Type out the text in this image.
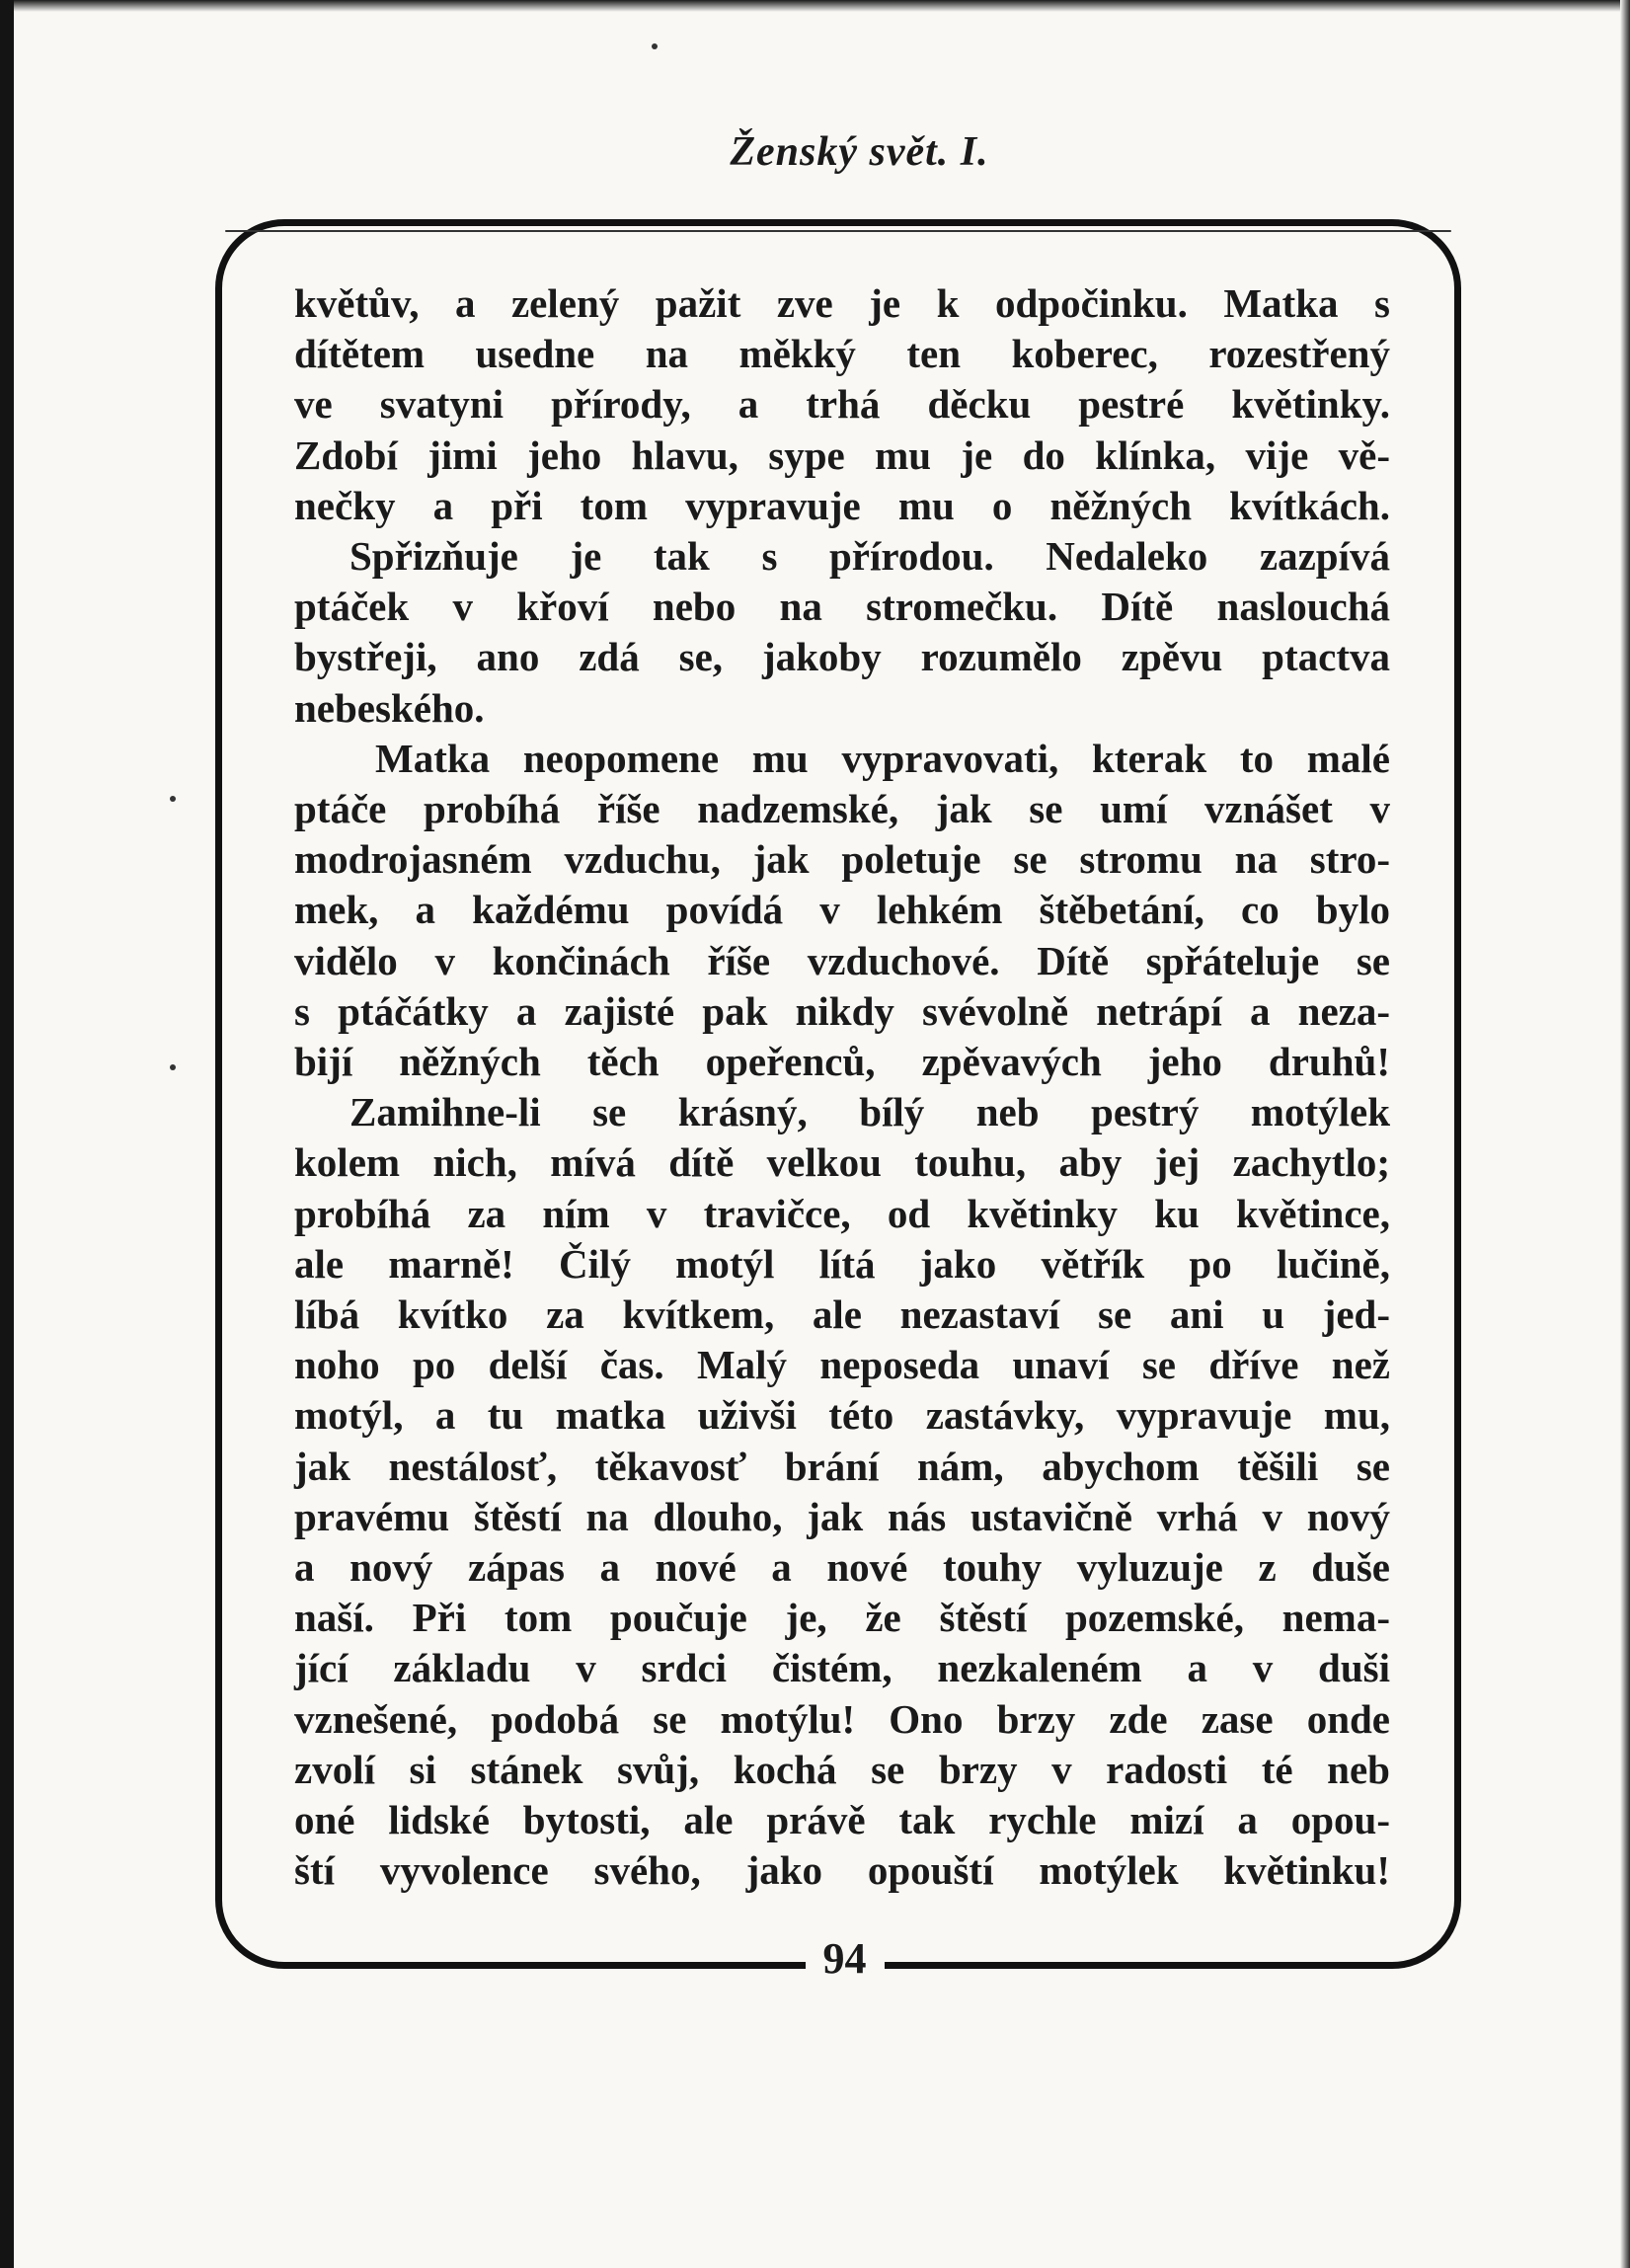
Ženský svět. I.
květův, a zelený pažit zve je k odpočinku. Matka s
dítětem usedne na měkký ten koberec, rozestřený
ve svatyni přírody, a trhá děcku pestré květinky.
Zdobí jimi jeho hlavu, sype mu je do klínka, vije vě-
nečky a při tom vypravuje mu o něžných kvítkách.
Spřizňuje je tak s přírodou. Nedaleko zazpívá
ptáček v křoví nebo na stromečku. Dítě naslouchá
bystřeji, ano zdá se, jakoby rozumělo zpěvu ptactva
nebeského.
Matka neopomene mu vypravovati, kterak to malé
ptáče probíhá říše nadzemské, jak se umí vznášet v
modrojasném vzduchu, jak poletuje se stromu na stro-
mek, a každému povídá v lehkém štěbetání, co bylo
vidělo v končinách říše vzduchové. Dítě spřáteluje se
s ptáčátky a zajisté pak nikdy svévolně netrápí a neza-
bijí něžných těch opeřenců, zpěvavých jeho druhů!
Zamihne-li se krásný, bílý neb pestrý motýlek
kolem nich, mívá dítě velkou touhu, aby jej zachytlo;
probíhá za ním v travičce, od květinky ku květince,
ale marně! Čilý motýl lítá jako větřík po lučině,
líbá kvítko za kvítkem, ale nezastaví se ani u jed-
noho po delší čas. Malý neposeda unaví se dříve než
motýl, a tu matka uživši této zastávky, vypravuje mu,
jak nestálosť, těkavosť brání nám, abychom těšili se
pravému štěstí na dlouho, jak nás ustavičně vrhá v nový
a nový zápas a nové a nové touhy vyluzuje z duše
naší. Při tom poučuje je, že štěstí pozemské, nema-
jící základu v srdci čistém, nezkaleném a v duši
vznešené, podobá se motýlu! Ono brzy zde zase onde
zvolí si stánek svůj, kochá se brzy v radosti té neb
oné lidské bytosti, ale právě tak rychle mizí a opou-
ští vyvolence svého, jako opouští motýlek květinku!
94
